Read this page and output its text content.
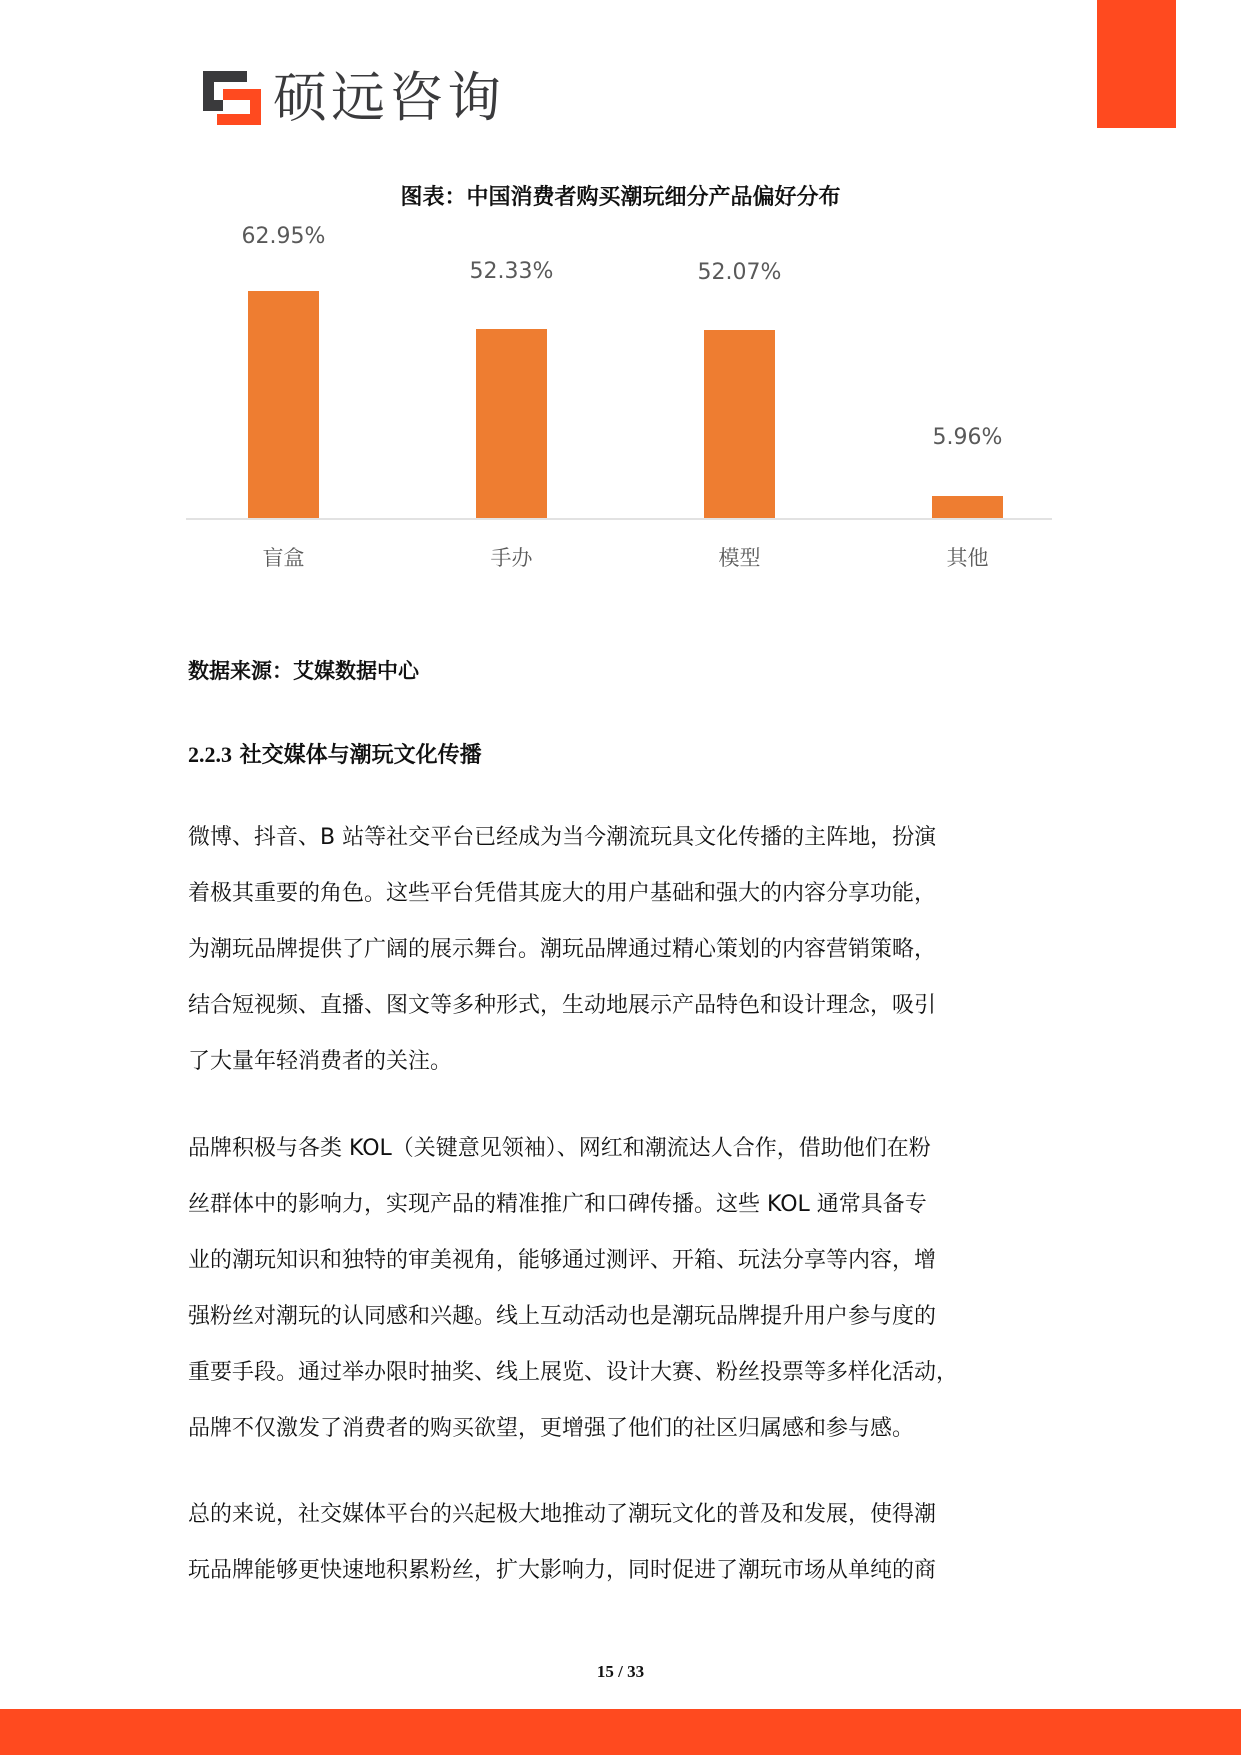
硕远咨询
图表：中国消费者购买潮玩细分产品偏好分布
62.95%
盲盒
52.33%
手办
52.07%
模型
5.96%
其他
数据来源：艾媒数据中心
2.2.3 社交媒体与潮玩文化传播
微博、抖音、B 站等社交平台已经成为当今潮流玩具文化传播的主阵地，扮演
着极其重要的角色。这些平台凭借其庞大的用户基础和强大的内容分享功能，
为潮玩品牌提供了广阔的展示舞台。潮玩品牌通过精心策划的内容营销策略，
结合短视频、直播、图文等多种形式，生动地展示产品特色和设计理念，吸引
了大量年轻消费者的关注。
品牌积极与各类 KOL（关键意见领袖）、网红和潮流达人合作，借助他们在粉
丝群体中的影响力，实现产品的精准推广和口碑传播。这些 KOL 通常具备专
业的潮玩知识和独特的审美视角，能够通过测评、开箱、玩法分享等内容，增
强粉丝对潮玩的认同感和兴趣。线上互动活动也是潮玩品牌提升用户参与度的
重要手段。通过举办限时抽奖、线上展览、设计大赛、粉丝投票等多样化活动，
品牌不仅激发了消费者的购买欲望，更增强了他们的社区归属感和参与感。
总的来说，社交媒体平台的兴起极大地推动了潮玩文化的普及和发展，使得潮
玩品牌能够更快速地积累粉丝，扩大影响力，同时促进了潮玩市场从单纯的商
15 / 33
